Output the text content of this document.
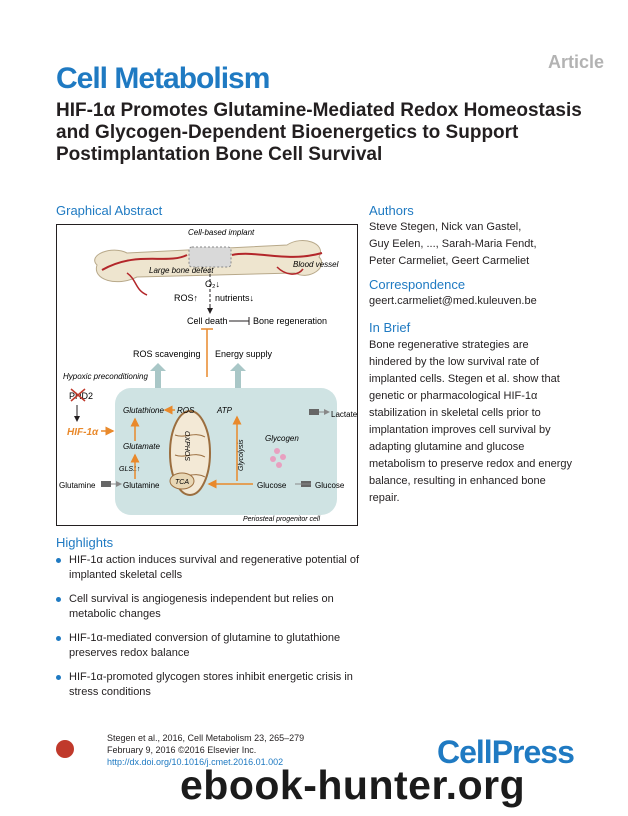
Article
Cell Metabolism
HIF-1α Promotes Glutamine-Mediated Redox Homeostasis and Glycogen-Dependent Bioenergetics to Support Postimplantation Bone Cell Survival
Graphical Abstract
Cell-based implant
Blood vessel
Large bone defect
O₂↓
ROS↑ nutrients↓
Cell death	Bone regeneration
ROS scavenging Energy supply
Hypoxic preconditioning
PHD2
HIF-1α
Glutathione ROS	ATP	Lactate
OXPHOS	Glycogen
Glycolysis
Glutamate
GLS1↑
TCA
Glutamine	Glutamine	Glucose	Glucose
Periosteal progenitor cell
Authors
Steve Stegen, Nick van Gastel,
Guy Eelen, ..., Sarah-Maria Fendt,
Peter Carmeliet, Geert Carmeliet
Correspondence
geert.carmeliet@med.kuleuven.be
In Brief
Bone regenerative strategies are
hindered by the low survival rate of
implanted cells. Stegen et al. show that
genetic or pharmacological HIF-1α
stabilization in skeletal cells prior to
implantation improves cell survival by
adapting glutamine and glucose
metabolism to preserve redox and energy
balance, resulting in enhanced bone
repair.
Highlights
HIF-1α action induces survival and regenerative potential of implanted skeletal cells
Cell survival is angiogenesis independent but relies on metabolic changes
HIF-1α-mediated conversion of glutamine to glutathione preserves redox balance
HIF-1α-promoted glycogen stores inhibit energetic crisis in stress conditions
Stegen et al., 2016, Cell Metabolism 23, 265–279
February 9, 2016 ©2016 Elsevier Inc.
http://dx.doi.org/10.1016/j.cmet.2016.01.002	CellPress
ebook-hunter.org
